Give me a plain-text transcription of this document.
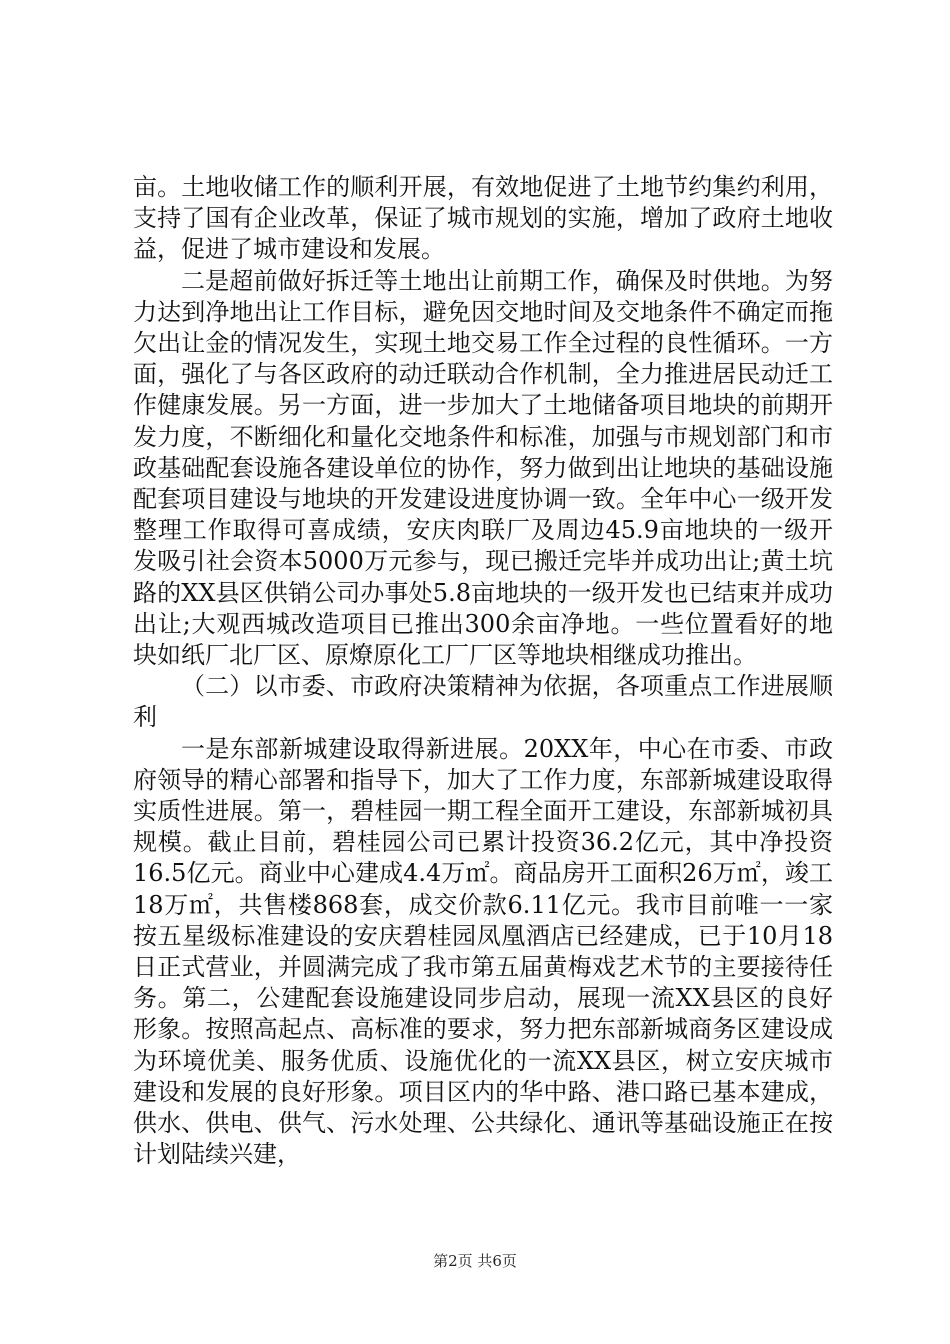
亩。土地收储工作的顺利开展，有效地促进了土地节约集约利用，支持了国有企业改革，保证了城市规划的实施，增加了政府土地收益，促进了城市建设和发展。

二是超前做好拆迁等土地出让前期工作，确保及时供地。为努力达到净地出让工作目标，避免因交地时间及交地条件不确定而拖欠出让金的情况发生，实现土地交易工作全过程的良性循环。一方面，强化了与各区政府的动迁联动合作机制，全力推进居民动迁工作健康发展。另一方面，进一步加大了土地储备项目地块的前期开发力度，不断细化和量化交地条件和标准，加强与市规划部门和市政基础配套设施各建设单位的协作，努力做到出让地块的基础设施配套项目建设与地块的开发建设进度协调一致。全年中心一级开发整理工作取得可喜成绩，安庆肉联厂及周边45.9亩地块的一级开发吸引社会资本5000万元参与，现已搬迁完毕并成功出让;黄土坑路的XX县区供销公司办事处5.8亩地块的一级开发也已结束并成功出让;大观西城改造项目已推出300余亩净地。一些位置看好的地块如纸厂北厂区、原燎原化工厂厂区等地块相继成功推出。

（二）以市委、市政府决策精神为依据，各项重点工作进展顺利

一是东部新城建设取得新进展。20XX年，中心在市委、市政府领导的精心部署和指导下，加大了工作力度，东部新城建设取得实质性进展。第一，碧桂园一期工程全面开工建设，东部新城初具规模。截止目前，碧桂园公司已累计投资36.2亿元，其中净投资16.5亿元。商业中心建成4.4万㎡。商品房开工面积26万㎡，竣工18万㎡，共售楼868套，成交价款6.11亿元。我市目前唯一一家按五星级标准建设的安庆碧桂园凤凰酒店已经建成，已于10月18日正式营业，并圆满完成了我市第五届黄梅戏艺术节的主要接待任务。第二，公建配套设施建设同步启动，展现一流XX县区的良好形象。按照高起点、高标准的要求，努力把东部新城商务区建设成为环境优美、服务优质、设施优化的一流XX县区，树立安庆城市建设和发展的良好形象。项目区内的华中路、港口路已基本建成，供水、供电、供气、污水处理、公共绿化、通讯等基础设施正在按计划陆续兴建，

第2页 共6页
